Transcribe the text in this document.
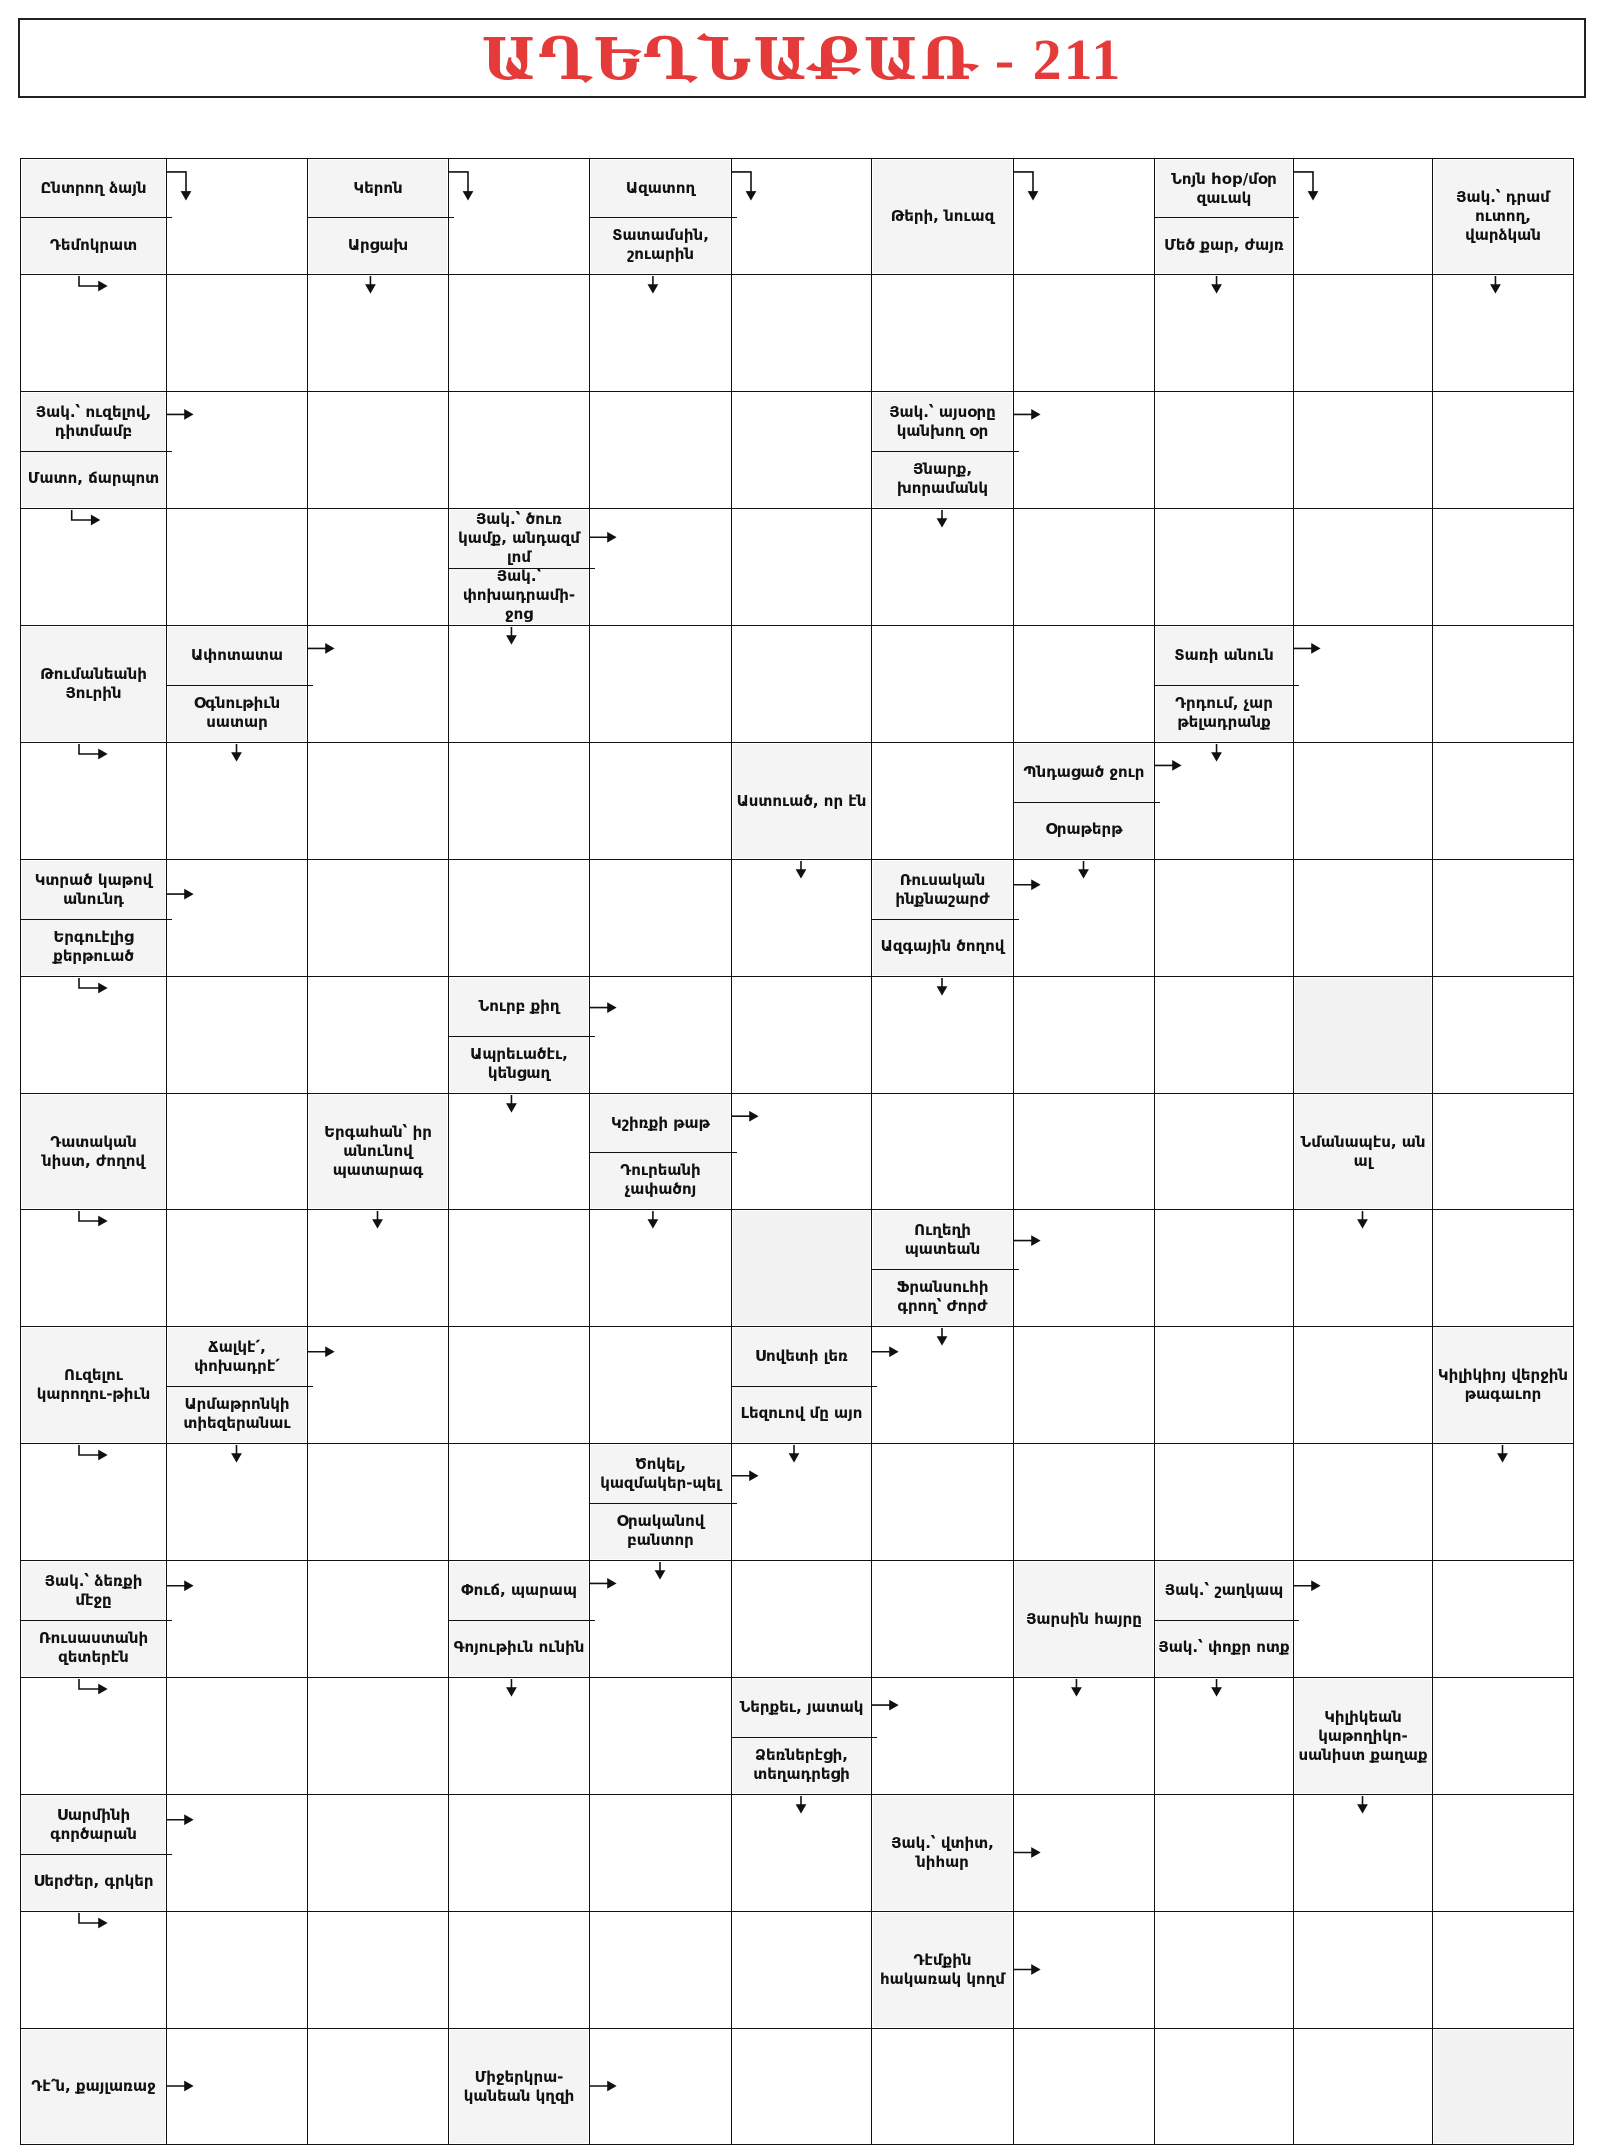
ԱՂԵՂՆԱՔԱՌ - 211
Ընտրող ձայն
Դեմոկրատ
Կերոն
Արցախ
Ազատող
Տատամսին, շուարին
Թերի, նուազ
Նոյն hop/մօր զաւակ
Մեծ քար, ժայռ
Յակ.՝ դրամ ուտող, վարձկան
Յակ.՝ ուզելով, դիտմամբ
Մատո, ճարպոտ
Յակ.՝ այսօրը կանխող օր
Յնարք, խորամանկ
Յակ.՝ ծուռ կամք, անդազմ լոմ
Յակ.՝ փոխադրամի-ջոց
Թումանեանի Յուրին
Ափոտատա
Օգնութիւն սատար
Տառի անուն
Դրդում, չար թելադրանք
Աստուած, որ էն
Պնդացած ջուր
Օրաթերթ
Կտրած կաթով անունդ
Երգուէլից քերթուած
Ռուսական ինքնաշարժ
Ազգային ծողով
Նուրբ քիղ
Ապրեւածէւ, կենցաղ
Դատական նիստ, ժողով
Երգահան՝ իր անունով պատարագ
Կշիռքի թաթ
Դուրեանի չափածոյ
Նմանապէս, ան ալ
Ուղեղի պատեան
Ֆրանսուհի գրող՝ Ժորժ
Ուզելու կարողու-թիւն
Ճալկէ՛, փոխադրէ՛
Արմաթրոնկի տիեզերանաւ
Սովետի լեռ
Լեզուով մը այո
Կիլիկիոյ վերջին թագաւոր
Ծոկել, կազմակեր-պել
Օրականով բանտոր
Յակ.՝ ձեռքի մէջը
Ռուսաստանի զետերէն
Փուճ, պարապ
Գոյութիւն ունին
Յարսին հայրը
Յակ.՝ շաղկապ
Յակ.՝ փոքր ոտք
Ներքեւ, յատակ
Ձեռներէցի, տեղադրեցի
Կիլիկեան կաթողիկո-սանիստ քաղաք
Սարմինի գործարան
Սերժեր, գրկեր
Յակ.՝ վտիտ, նիհար
Դէմքին հակառակ կողմ
Դէ՛ն, քայլառաջ
Միջերկրա-կանեան կղզի
